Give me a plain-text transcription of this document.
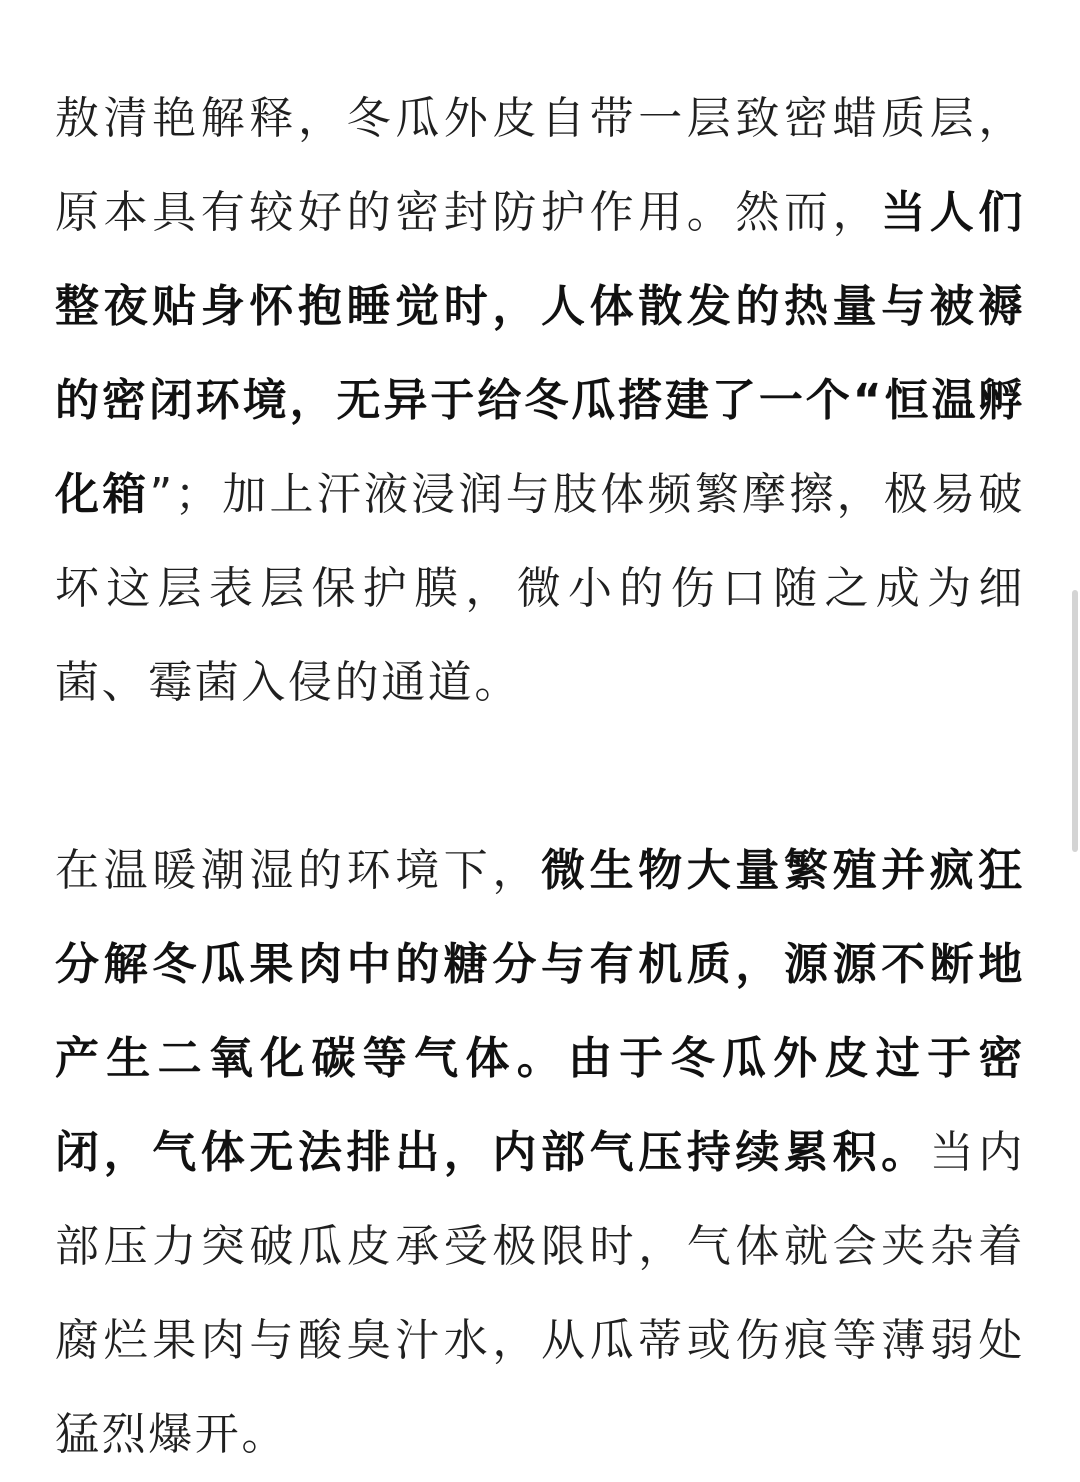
敖清艳解释，冬瓜外皮自带一层致密蜡质层，原本具有较好的密封防护作用。然而，当人们整夜贴身怀抱睡觉时，人体散发的热量与被褥的密闭环境，无异于给冬瓜搭建了一个“恒温孵化箱”；加上汗液浸润与肢体频繁摩擦，极易破坏这层表层保护膜，微小的伤口随之成为细菌、霉菌入侵的通道。

在温暖潮湿的环境下，微生物大量繁殖并疯狂分解冬瓜果肉中的糖分与有机质，源源不断地产生二氧化碳等气体。由于冬瓜外皮过于密闭，气体无法排出，内部气压持续累积。当内部压力突破瓜皮承受极限时，气体就会夹杂着腐烂果肉与酸臭汁水，从瓜蒂或伤痕等薄弱处猛烈爆开。
